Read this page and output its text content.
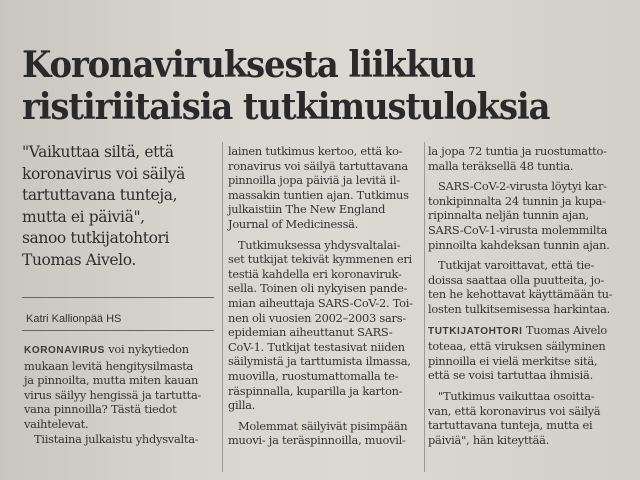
Koronaviruksesta liikkuu
ristiriitaisia tutkimustuloksia
"Vaikuttaa siltä, että
koronavirus voi säilyä
tartuttavana tunteja,
mutta ei päiviä",
sanoo tutkijatohtori
Tuomas Aivelo.
Katri Kallionpää HS
KORONAVIRUS voi nykytiedon
mukaan levitä hengitysilmasta
ja pinnoilta, mutta miten kauan
virus säilyy hengissä ja tartutta-
vana pinnoilla? Tästä tiedot
vaihtelevat.
Tiistaina julkaistu yhdysvalta-
lainen tutkimus kertoo, että ko-
ronavirus voi säilyä tartuttavana
pinnoilla jopa päiviä ja levitä il-
massakin tuntien ajan. Tutkimus
julkaistiin The New England
Journal of Medicinessä.
Tutkimuksessa yhdysvaltalai-
set tutkijat tekivät kymmenen eri
testiä kahdella eri koronaviruk-
sella. Toinen oli nykyisen pande-
mian aiheuttaja SARS-CoV-2. Toi-
nen oli vuosien 2002–2003 sars-
epidemian aiheuttanut SARS-
CoV-1. Tutkijat testasivat niiden
säilymistä ja tarttumista ilmassa,
muovilla, ruostumattomalla te-
räspinnalla, kuparilla ja karton-
gilla.
Molemmat säilyivät pisimpään
muovi- ja teräspinnoilla, muovil-
la jopa 72 tuntia ja ruostumatto-
malla teräksellä 48 tuntia.
SARS-CoV-2-virusta löytyi kar-
tonkipinnalta 24 tunnin ja kupa-
ripinnalta neljän tunnin ajan,
SARS-CoV-1-virusta molemmilta
pinnoilta kahdeksan tunnin ajan.
Tutkijat varoittavat, että tie-
doissa saattaa olla puutteita, jo-
ten he kehottavat käyttämään tu-
losten tulkitsemisessa harkintaa.
TUTKIJATOHTORI Tuomas Aivelo
toteaa, että viruksen säilyminen
pinnoilla ei vielä merkitse sitä,
että se voisi tartuttaa ihmisiä.
"Tutkimus vaikuttaa osoitta-
van, että koronavirus voi säilyä
tartuttavana tunteja, mutta ei
päiviä", hän kiteyttää.
